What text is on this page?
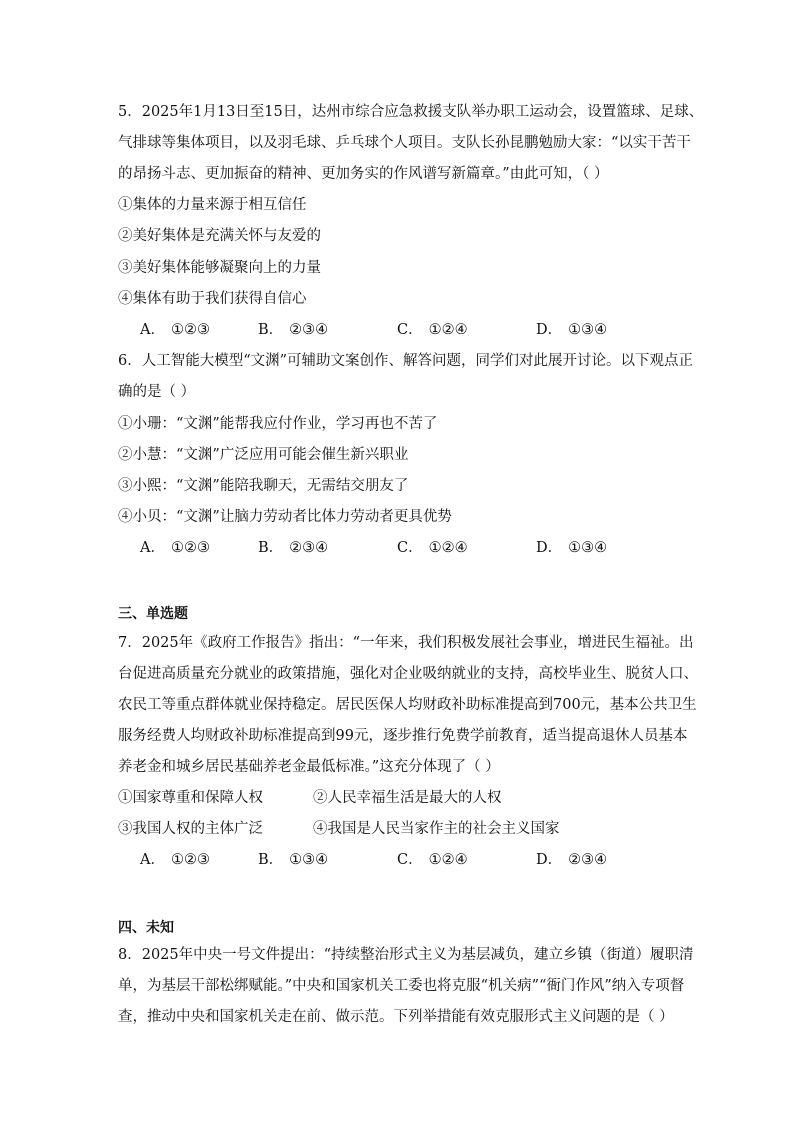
5．2025年1月13日至15日，达州市综合应急救援支队举办职工运动会，设置篮球、足球、
气排球等集体项目，以及羽毛球、乒乓球个人项目。支队长孙昆鹏勉励大家：“以实干苦干
的昂扬斗志、更加振奋的精神、更加务实的作风谱写新篇章。”由此可知，（ ）
①集体的力量来源于相互信任
②美好集体是充满关怀与友爱的
③美好集体能够凝聚向上的力量
④集体有助于我们获得自信心
A． ①②③	B． ②③④	C． ①②④	D． ①③④
6．人工智能大模型“文渊”可辅助文案创作、解答问题，同学们对此展开讨论。以下观点正
确的是（ ）
①小珊：“文渊”能帮我应付作业，学习再也不苦了
②小慧：“文渊”广泛应用可能会催生新兴职业
③小熙：“文渊”能陪我聊天，无需结交朋友了
④小贝：“文渊”让脑力劳动者比体力劳动者更具优势
A． ①②③	B． ②③④	C． ①②④	D． ①③④
三、单选题
7．2025年《政府工作报告》指出：“一年来，我们积极发展社会事业，增进民生福祉。出
台促进高质量充分就业的政策措施，强化对企业吸纳就业的支持，高校毕业生、脱贫人口、
农民工等重点群体就业保持稳定。居民医保人均财政补助标准提高到700元，基本公共卫生
服务经费人均财政补助标准提高到99元，逐步推行免费学前教育，适当提高退休人员基本
养老金和城乡居民基础养老金最低标准。”这充分体现了（ ）
①国家尊重和保障人权	②人民幸福生活是最大的人权
③我国人权的主体广泛	④我国是人民当家作主的社会主义国家
A． ①②③	B． ①③④	C． ①②④	D． ②③④
四、未知
8．2025年中央一号文件提出：“持续整治形式主义为基层减负，建立乡镇（街道）履职清
单，为基层干部松绑赋能。”中央和国家机关工委也将克服“机关病”“衙门作风”纳入专项督
查，推动中央和国家机关走在前、做示范。下列举措能有效克服形式主义问题的是（ ）
